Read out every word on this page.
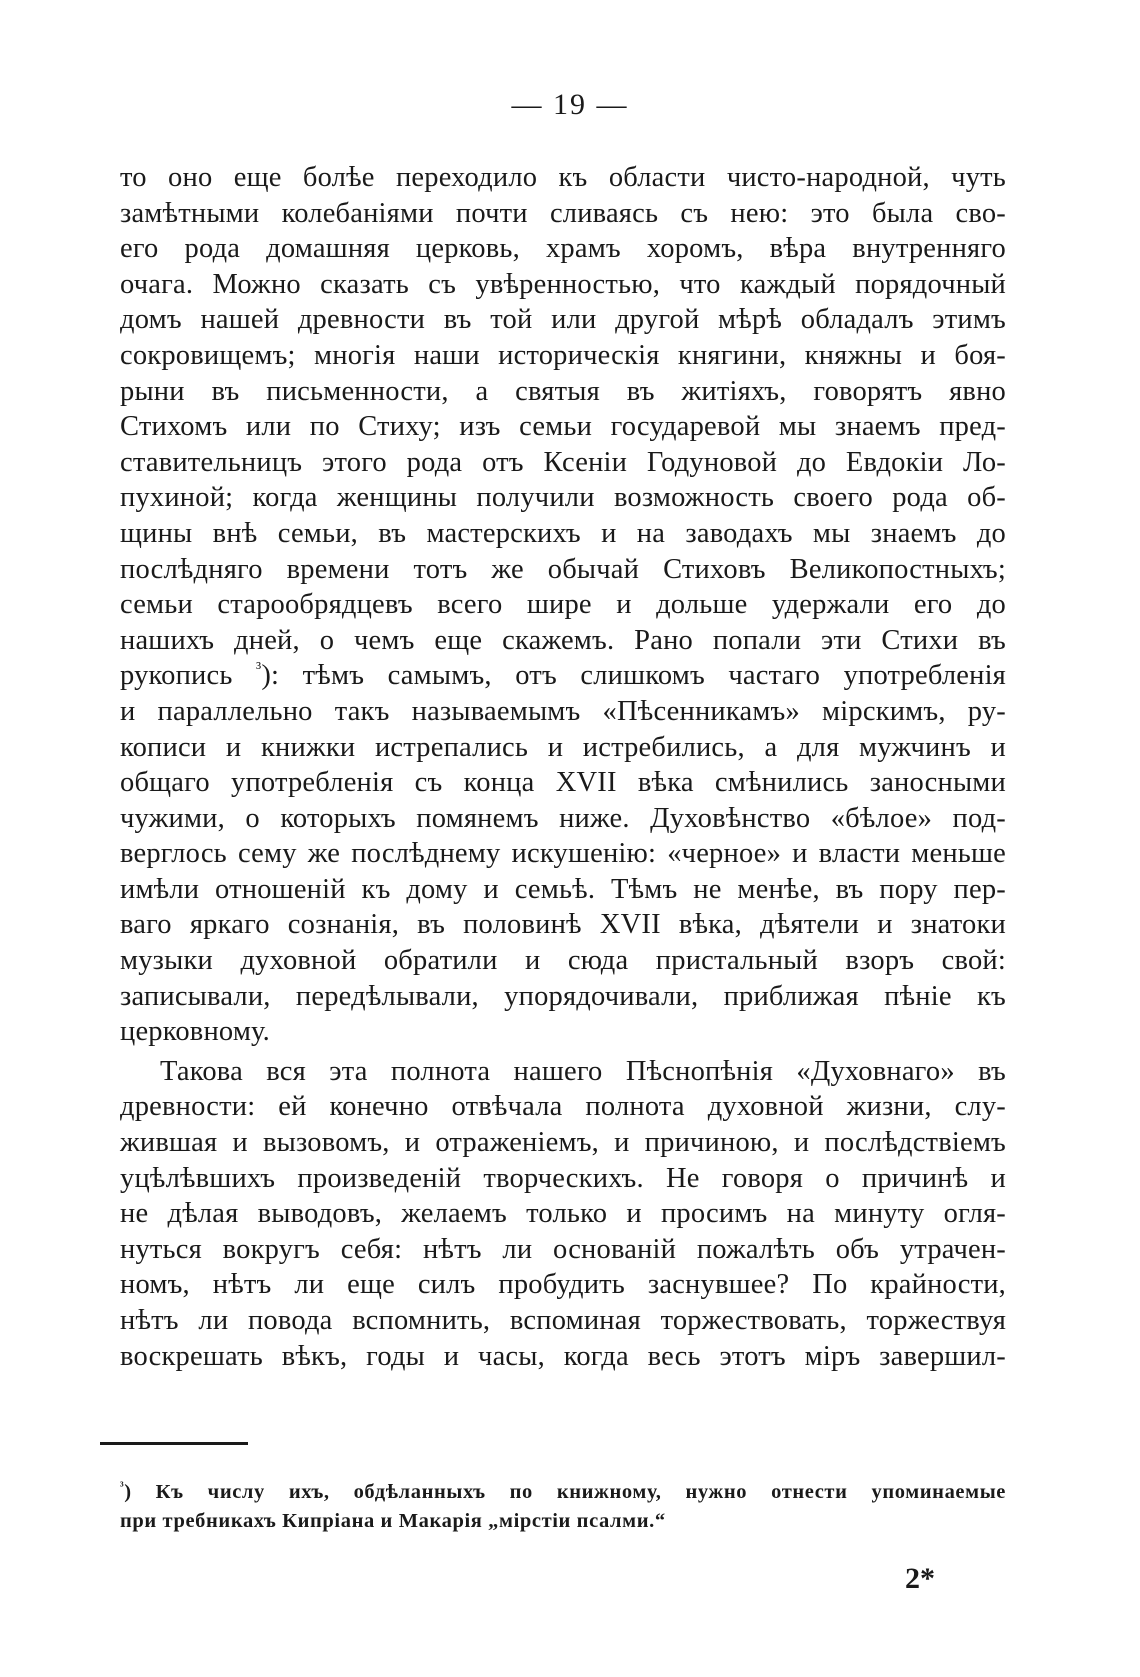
— 19 —
то оно еще болѣе переходило къ области чисто-народной, чуть
замѣтными колебаніями почти сливаясь съ нею: это была сво-
его рода домашняя церковь, храмъ хоромъ, вѣра внутренняго
очага. Можно сказать съ увѣренностью, что каждый порядочный
домъ нашей древности въ той или другой мѣрѣ обладалъ этимъ
сокровищемъ; многія наши историческія княгини, княжны и боя-
рыни въ письменности, а святыя въ житіяхъ, говорятъ явно
Стихомъ или по Стиху; изъ семьи государевой мы знаемъ пред-
ставительницъ этого рода отъ Ксеніи Годуновой до Евдокіи Ло-
пухиной; когда женщины получили возможность своего рода об-
щины внѣ семьи, въ мастерскихъ и на заводахъ мы знаемъ до
послѣдняго времени тотъ же обычай Стиховъ Великопостныхъ;
семьи старообрядцевъ всего шире и дольше удержали его до
нашихъ дней, о чемъ еще скажемъ. Рано попали эти Стихи въ
рукопись $^{^3}$): тѣмъ самымъ, отъ слишкомъ частаго употребленія
и параллельно такъ называемымъ «Пѣсенникамъ» мірскимъ, ру-
кописи и книжки истрепались и истребились, а для мужчинъ и
общаго употребленія съ конца XVII вѣка смѣнились заносными
чужими, о которыхъ помянемъ ниже. Духовѣнство «бѣлое» под-
верглось сему же послѣднему искушенію: «черное» и власти меньше
имѣли отношеній къ дому и семьѣ. Тѣмъ не менѣе, въ пору пер-
ваго яркаго сознанія, въ половинѣ XVII вѣка, дѣятели и знатоки
музыки духовной обратили и сюда пристальный взоръ свой:
записывали, передѣлывали, упорядочивали, приближая пѣніе къ
церковному.
Такова вся эта полнота нашего Пѣснопѣнія «Духовнаго» въ
древности: ей конечно отвѣчала полнота духовной жизни, слу-
жившая и вызовомъ, и отраженіемъ, и причиною, и послѣдствіемъ
уцѣлѣвшихъ произведеній творческихъ. Не говоря о причинѣ и
не дѣлая выводовъ, желаемъ только и просимъ на минуту огля-
нуться вокругъ себя: нѣтъ ли основаній пожалѣть объ утрачен-
номъ, нѣтъ ли еще силъ пробудить заснувшее? По крайности,
нѣтъ ли повода вспомнить, вспоминая торжествовать, торжествуя
воскрешать вѣкъ, годы и часы, когда весь этотъ міръ завершил-
$^{^3}$) Къ числу ихъ, обдѣланныхъ по книжному, нужно отнести упоминаемые
при требникахъ Кипріана и Макарія „мірстіи псалми.“
2*
